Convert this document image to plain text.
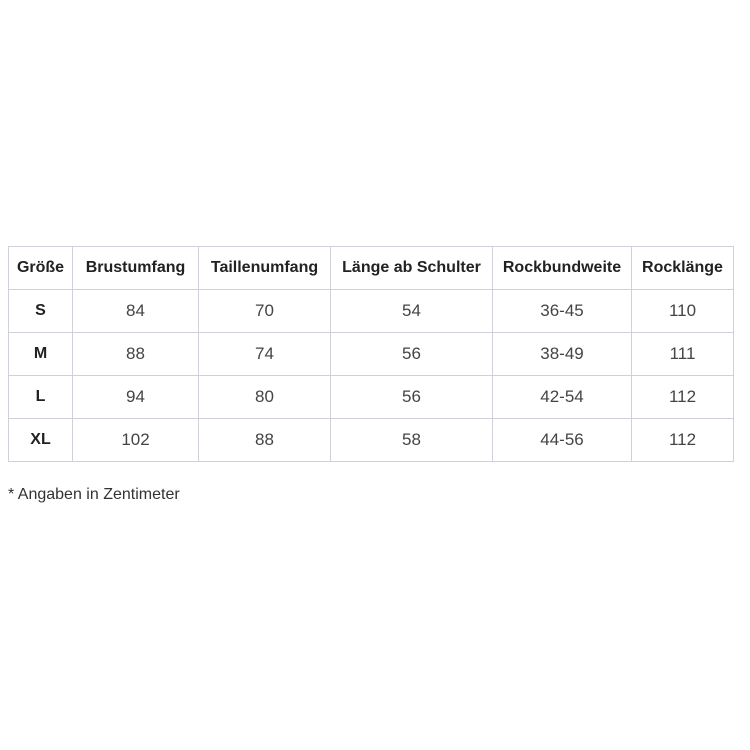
Größe	Brustumfang	Taillenumfang	Länge ab Schulter	Rockbundweite	Rocklänge
S	84	70	54	36-45	110
M	88	74	56	38-49	111
L	94	80	56	42-54	112
XL	102	88	58	44-56	112

* Angaben in Zentimeter
